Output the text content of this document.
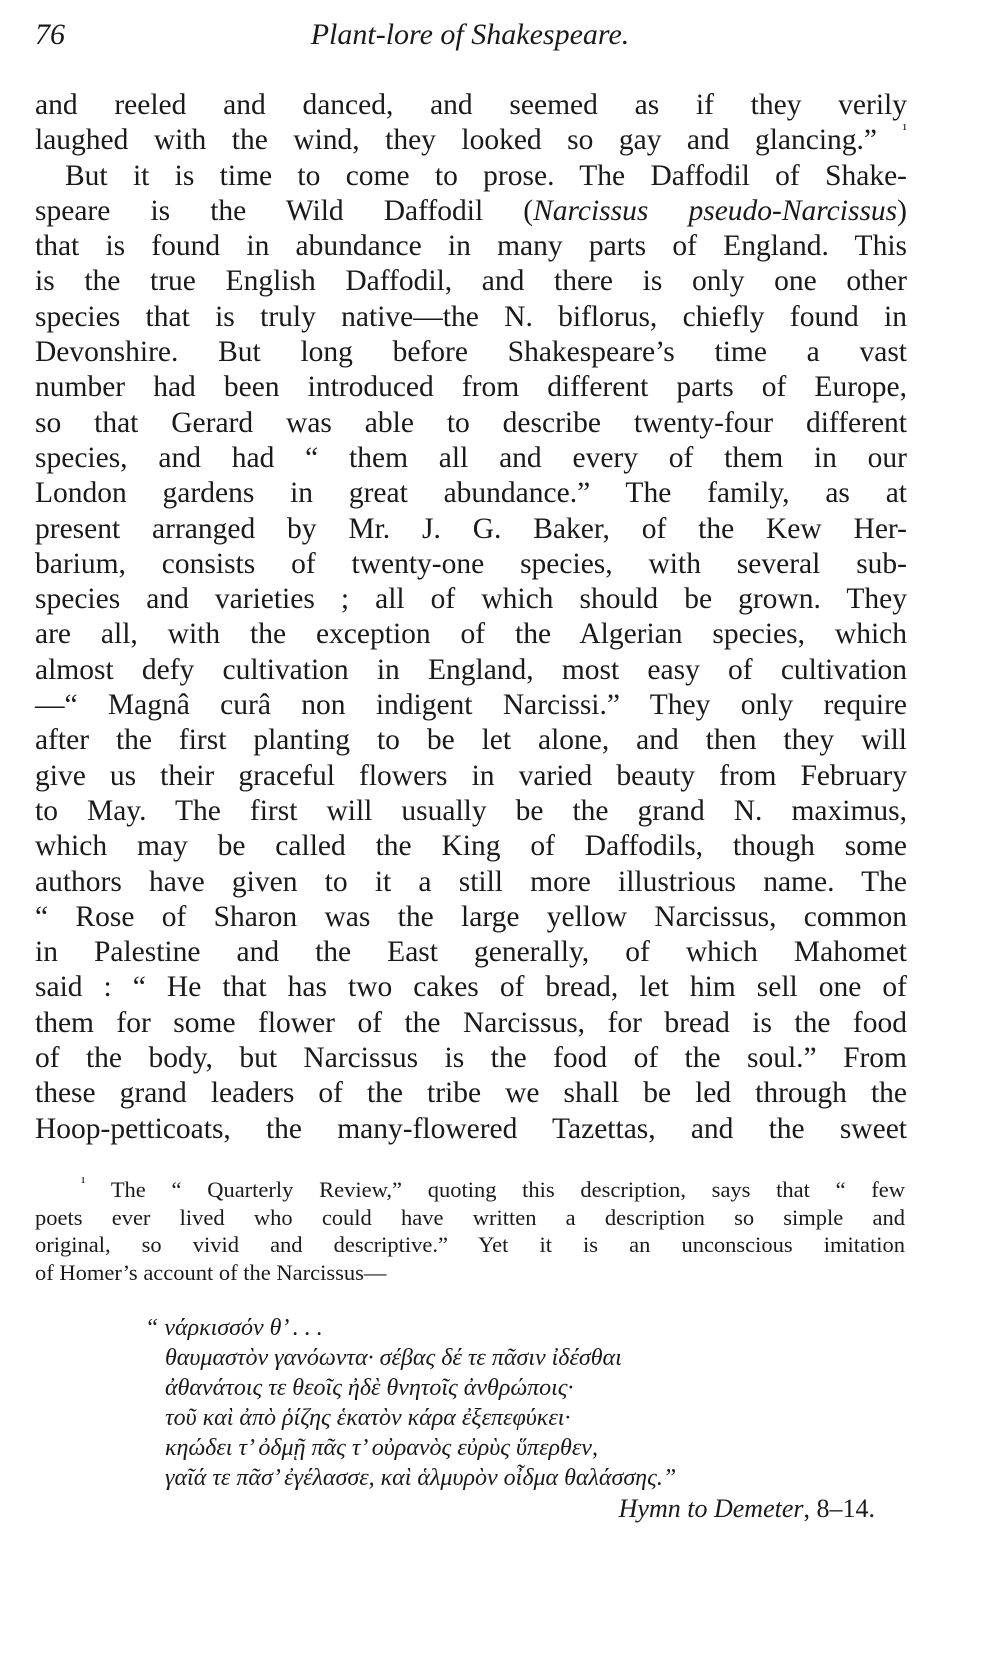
76	Plant-lore of Shakespeare.
and reeled and danced, and seemed as if they verily
laughed with the wind, they looked so gay and glancing.” $^{^1}$
But it is time to come to prose. The Daffodil of Shake-
speare is the Wild Daffodil (Narcissus pseudo-Narcissus)
that is found in abundance in many parts of England. This
is the true English Daffodil, and there is only one other
species that is truly native—the N. biflorus, chiefly found in
Devonshire. But long before Shakespeare’s time a vast
number had been introduced from different parts of Europe,
so that Gerard was able to describe twenty-four different
species, and had “ them all and every of them in our
London gardens in great abundance.” The family, as at
present arranged by Mr. J. G. Baker, of the Kew Her-
barium, consists of twenty-one species, with several sub-
species and varieties ; all of which should be grown. They
are all, with the exception of the Algerian species, which
almost defy cultivation in England, most easy of cultivation
—“ Magnâ curâ non indigent Narcissi.” They only require
after the first planting to be let alone, and then they will
give us their graceful flowers in varied beauty from February
to May. The first will usually be the grand N. maximus,
which may be called the King of Daffodils, though some
authors have given to it a still more illustrious name. The
“ Rose of Sharon was the large yellow Narcissus, common
in Palestine and the East generally, of which Mahomet
said : “ He that has two cakes of bread, let him sell one of
them for some flower of the Narcissus, for bread is the food
of the body, but Narcissus is the food of the soul.” From
these grand leaders of the tribe we shall be led through the
Hoop-petticoats, the many-flowered Tazettas, and the sweet
$^{^1}$ The “ Quarterly Review,” quoting this description, says that “ few
poets ever lived who could have written a description so simple and
original, so vivid and descriptive.” Yet it is an unconscious imitation
of Homer’s account of the Narcissus—
“ νάρκισσόν θ’ . . .
θαυμαστὸν γανόωντα· σέβας δέ τε πᾶσιν ἰδέσθαι
ἀθανάτοις τε θεοῖς ἠδὲ θνητοῖς ἀνθρώποις·
τοῦ καὶ ἀπὸ ῥίζης ἑκατὸν κάρα ἐξεπεφύκει·
κηώδει τ’ ὀδμῇ πᾶς τ’ οὐρανὸς εὐρὺς ὕπερθεν,
γαῖά τε πᾶσ’ ἐγέλασσε, καὶ ἁλμυρὸν οἶδμα θαλάσσης.”
Hymn to Demeter, 8–14.
